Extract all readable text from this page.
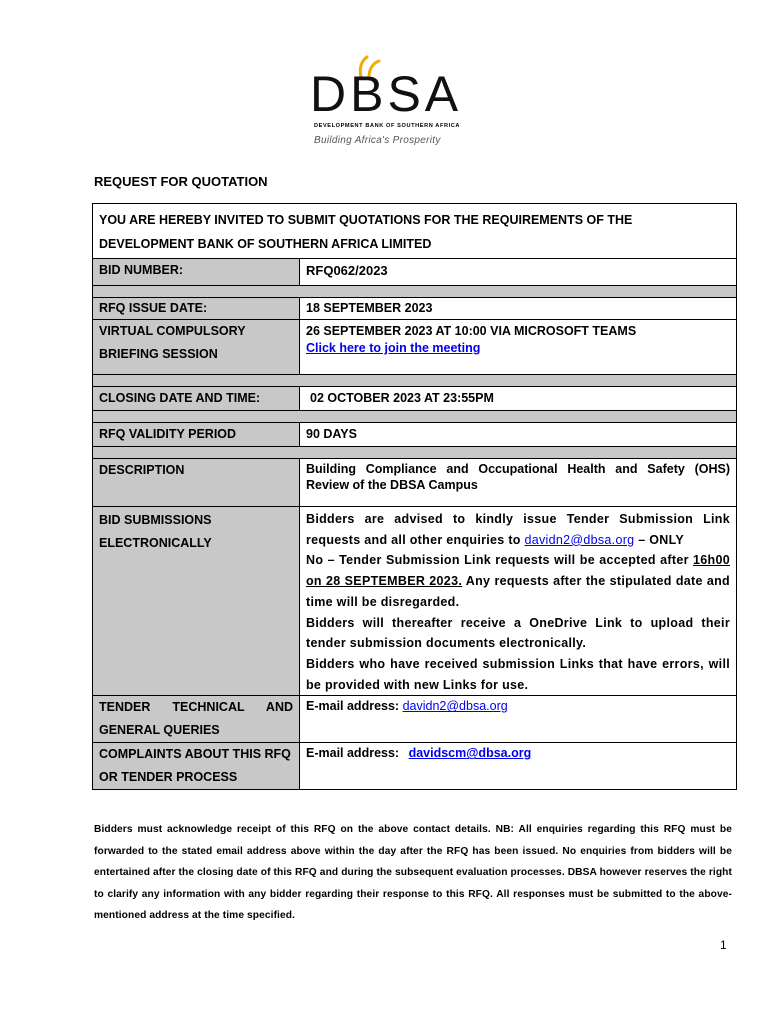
DBSA
DEVELOPMENT BANK OF SOUTHERN AFRICA
Building Africa's Prosperity
REQUEST FOR QUOTATION
YOU ARE HEREBY INVITED TO SUBMIT QUOTATIONS FOR THE REQUIREMENTS OF THE DEVELOPMENT BANK OF SOUTHERN AFRICA LIMITED	
BID NUMBER:	RFQ062/2023

RFQ ISSUE DATE:	18 SEPTEMBER 2023
VIRTUAL COMPULSORY BRIEFING SESSION	26 SEPTEMBER 2023 AT 10:00 VIA MICROSOFT TEAMS
Click here to join the meeting

CLOSING DATE AND TIME:	02 OCTOBER 2023 AT 23:55PM

RFQ VALIDITY PERIOD	90 DAYS

DESCRIPTION	Building Compliance and Occupational Health and Safety (OHS) Review of the DBSA Campus
BID SUBMISSIONS ELECTRONICALLY	Bidders are advised to kindly issue Tender Submission Link requests and all other enquiries to davidn2@dbsa.org – ONLY
No – Tender Submission Link requests will be accepted after 16h00 on 28 SEPTEMBER 2023. Any requests after the stipulated date and time will be disregarded.
Bidders will thereafter receive a OneDrive Link to upload their tender submission documents electronically.
Bidders who have received submission Links that have errors, will be provided with new Links for use.
TENDER TECHNICAL AND GENERAL QUERIES	E-mail address: davidn2@dbsa.org
COMPLAINTS ABOUT THIS RFQ OR TENDER PROCESS	E-mail address: davidscm@dbsa.org
Bidders must acknowledge receipt of this RFQ on the above contact details. NB: All enquiries regarding this RFQ must be forwarded to the stated email address above within the day after the RFQ has been issued. No enquiries from bidders will be entertained after the closing date of this RFQ and during the subsequent evaluation processes. DBSA however reserves the right to clarify any information with any bidder regarding their response to this RFQ. All responses must be submitted to the above-mentioned address at the time specified.
1
